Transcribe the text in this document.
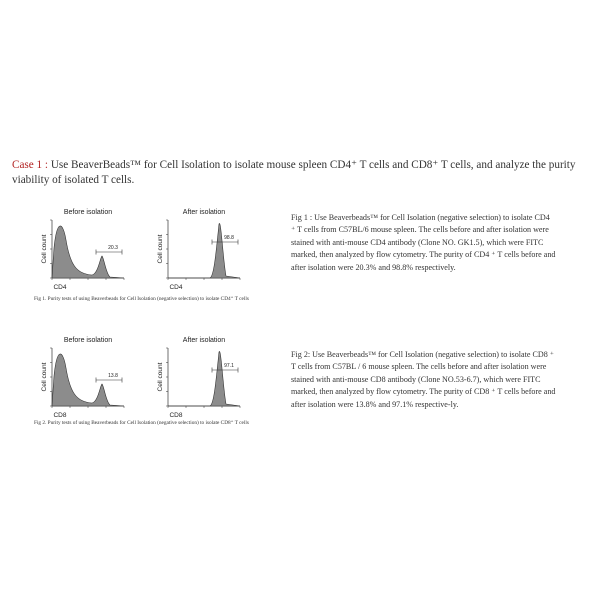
Case 1 : Use BeaverBeads™ for Cell Isolation to isolate mouse spleen CD4⁺ T cells and CD8⁺ T cells, and analyze the purity viability of isolated T cells.
Before isolation
20.3
CD4
Cell count
After isolation
98.8
CD4
Cell count
Fig 1. Purity tests of using Beaverbeads for Cell Isolation (negative selection) to isolate CD4⁺ T cells
Fig 1 : Use Beaverbeads™ for Cell Isolation (negative selection) to isolate CD4 ⁺ T cells from C57BL/6 mouse spleen. The cells before and after isolation were stained with anti-mouse CD4 antibody (Clone NO. GK1.5), which were FITC marked, then analyzed by flow cytometry. The purity of CD4 ⁺ T cells before and after isolation were 20.3% and 98.8% respectively.
Before isolation
13.8
CD8
Cell count
After isolation
97.1
CD8
Cell count
Fig 2. Purity tests of using Beaverbeads for Cell Isolation (negative selection) to isolate CD8⁺ T cells
Fig 2: Use Beaverbeads™ for Cell Isolation (negative selection) to isolate CD8 ⁺ T cells from C57BL / 6 mouse spleen. The cells before and after isolation were stained with anti-mouse CD8 antibody (Clone NO.53-6.7), which were FITC marked, then analyzed by flow cytometry. The purity of CD8 ⁺ T cells before and after isolation were 13.8% and 97.1% respective-ly.
